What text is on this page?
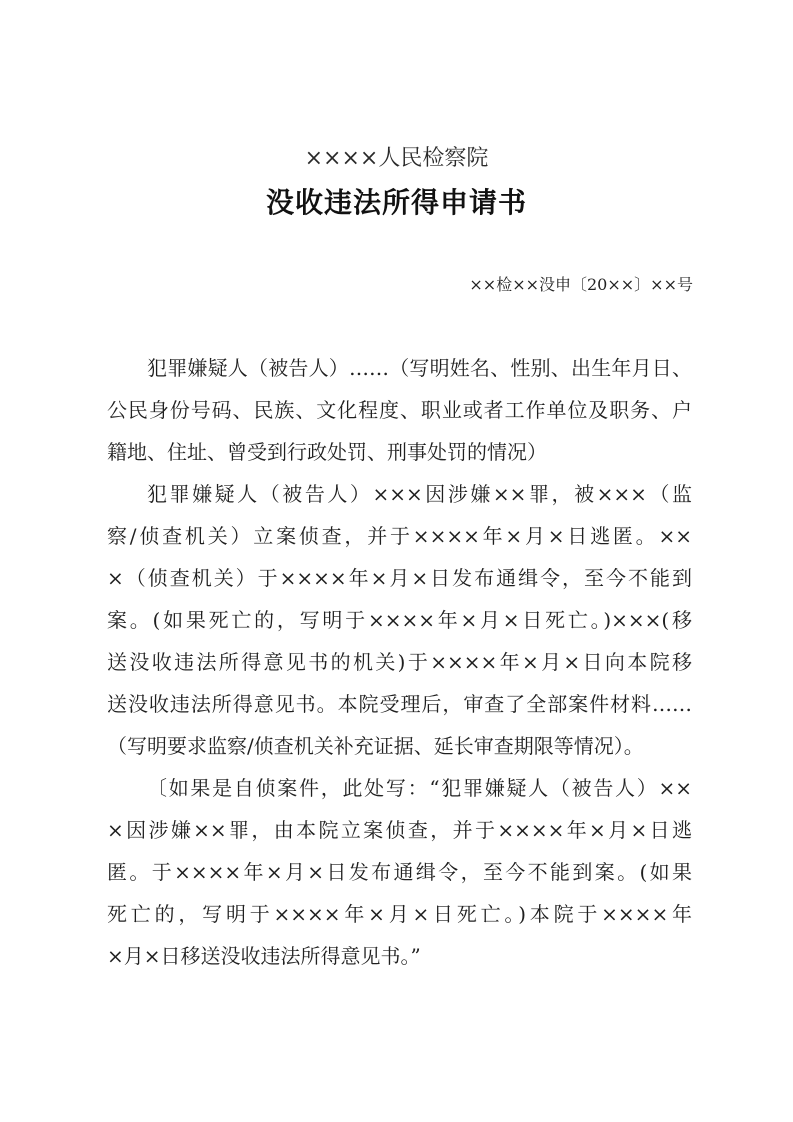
××××人民检察院
没收违法所得申请书
××检××没申〔20××〕××号
犯罪嫌疑人（被告人）……（写明姓名、性别、出生年月日、
公民身份号码、民族、文化程度、职业或者工作单位及职务、户
籍地、住址、曾受到行政处罚、刑事处罚的情况）
犯罪嫌疑人（被告人）×××因涉嫌××罪，被×××（监
察/侦查机关）立案侦查，并于××××年×月×日逃匿。××
×（侦查机关）于××××年×月×日发布通缉令，至今不能到
案。(如果死亡的，写明于××××年×月×日死亡。)×××(移
送没收违法所得意见书的机关)于××××年×月×日向本院移
送没收违法所得意见书。本院受理后，审查了全部案件材料……
（写明要求监察/侦查机关补充证据、延长审查期限等情况）。
〔如果是自侦案件，此处写：“犯罪嫌疑人（被告人）××
×因涉嫌××罪，由本院立案侦查，并于××××年×月×日逃
匿。于××××年×月×日发布通缉令，至今不能到案。(如果
死亡的，写明于××××年×月×日死亡。)本院于××××年
×月×日移送没收违法所得意见书。”
